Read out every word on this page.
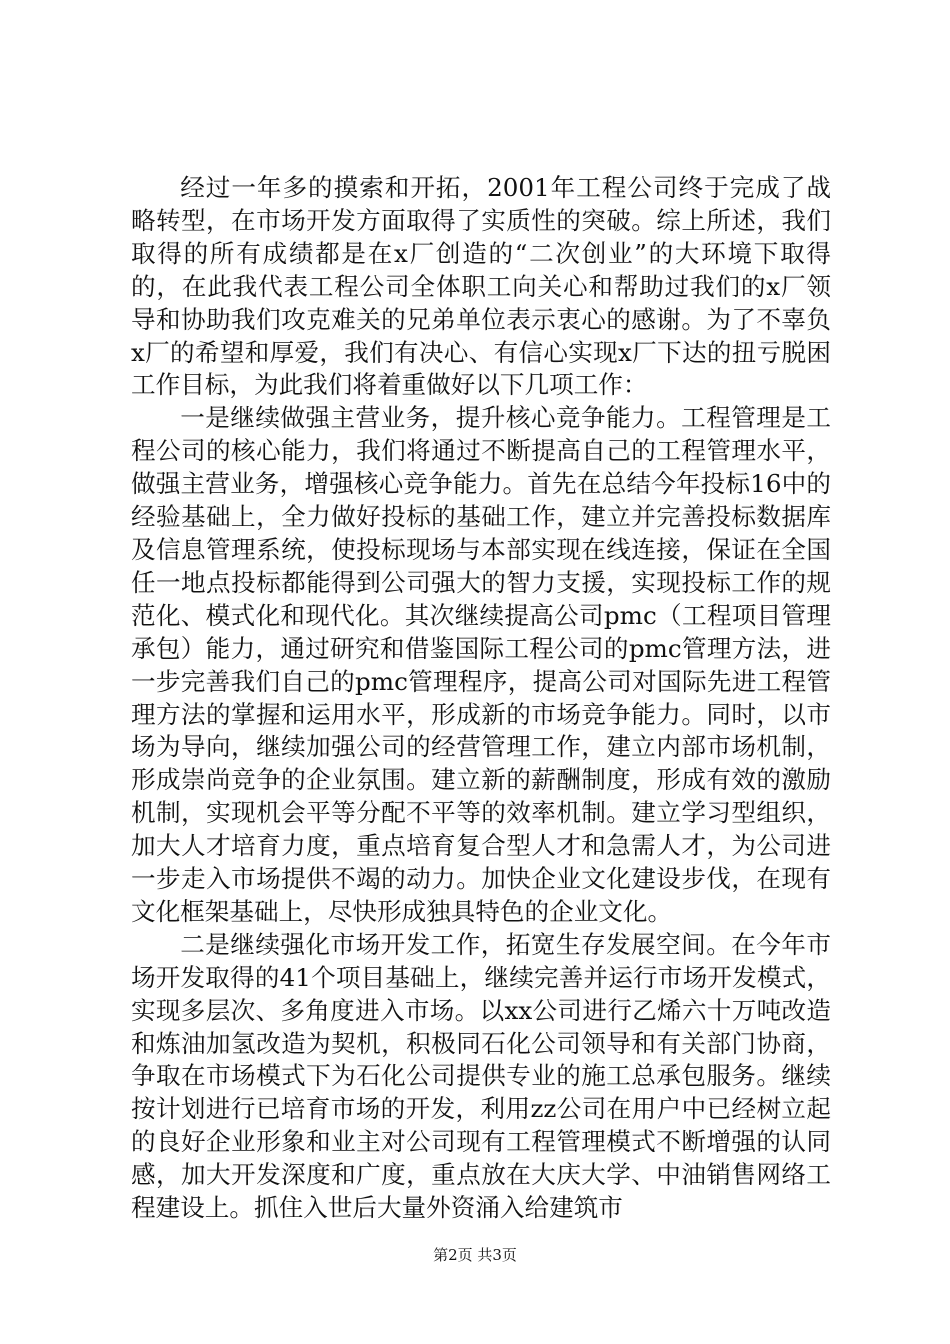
经过一年多的摸索和开拓，2001年工程公司终于完成了战略转型，在市场开发方面取得了实质性的突破。综上所述，我们取得的所有成绩都是在x厂创造的“二次创业”的大环境下取得的，在此我代表工程公司全体职工向关心和帮助过我们的x厂领导和协助我们攻克难关的兄弟单位表示衷心的感谢。为了不辜负x厂的希望和厚爱，我们有决心、有信心实现x厂下达的扭亏脱困工作目标，为此我们将着重做好以下几项工作：

一是继续做强主营业务，提升核心竞争能力。工程管理是工程公司的核心能力，我们将通过不断提高自己的工程管理水平，做强主营业务，增强核心竞争能力。首先在总结今年投标16中的经验基础上，全力做好投标的基础工作，建立并完善投标数据库及信息管理系统，使投标现场与本部实现在线连接，保证在全国任一地点投标都能得到公司强大的智力支援，实现投标工作的规范化、模式化和现代化。其次继续提高公司pmc（工程项目管理承包）能力，通过研究和借鉴国际工程公司的pmc管理方法，进一步完善我们自己的pmc管理程序，提高公司对国际先进工程管理方法的掌握和运用水平，形成新的市场竞争能力。同时，以市场为导向，继续加强公司的经营管理工作，建立内部市场机制，形成崇尚竞争的企业氛围。建立新的薪酬制度，形成有效的激励机制，实现机会平等分配不平等的效率机制。建立学习型组织，加大人才培育力度，重点培育复合型人才和急需人才，为公司进一步走入市场提供不竭的动力。加快企业文化建设步伐，在现有文化框架基础上，尽快形成独具特色的企业文化。

二是继续强化市场开发工作，拓宽生存发展空间。在今年市场开发取得的41个项目基础上，继续完善并运行市场开发模式，实现多层次、多角度进入市场。以xx公司进行乙烯六十万吨改造和炼油加氢改造为契机，积极同石化公司领导和有关部门协商，争取在市场模式下为石化公司提供专业的施工总承包服务。继续按计划进行已培育市场的开发，利用zz公司在用户中已经树立起的良好企业形象和业主对公司现有工程管理模式不断增强的认同感，加大开发深度和广度，重点放在大庆大学、中油销售网络工程建设上。抓住入世后大量外资涌入给建筑市

第2页 共3页
